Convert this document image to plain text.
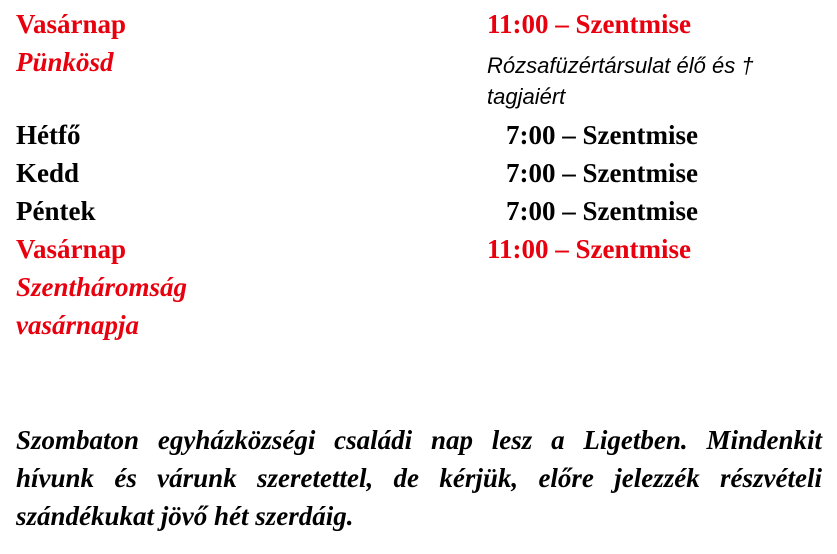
Vasárnap	11:00 – Szentmise
Pünkösd	Rózsafüzértársulat élő és † tagjaiért
Hétfő	7:00 – Szentmise
Kedd	7:00 – Szentmise
Péntek	7:00 – Szentmise
Vasárnap	11:00 – Szentmise
Szentháromság
vasárnapja
Szombaton egyházközségi családi nap lesz a Ligetben. Mindenkit hívunk és várunk szeretettel, de kérjük, előre jelezzék részvételi szándékukat jövő hét szerdáig.
